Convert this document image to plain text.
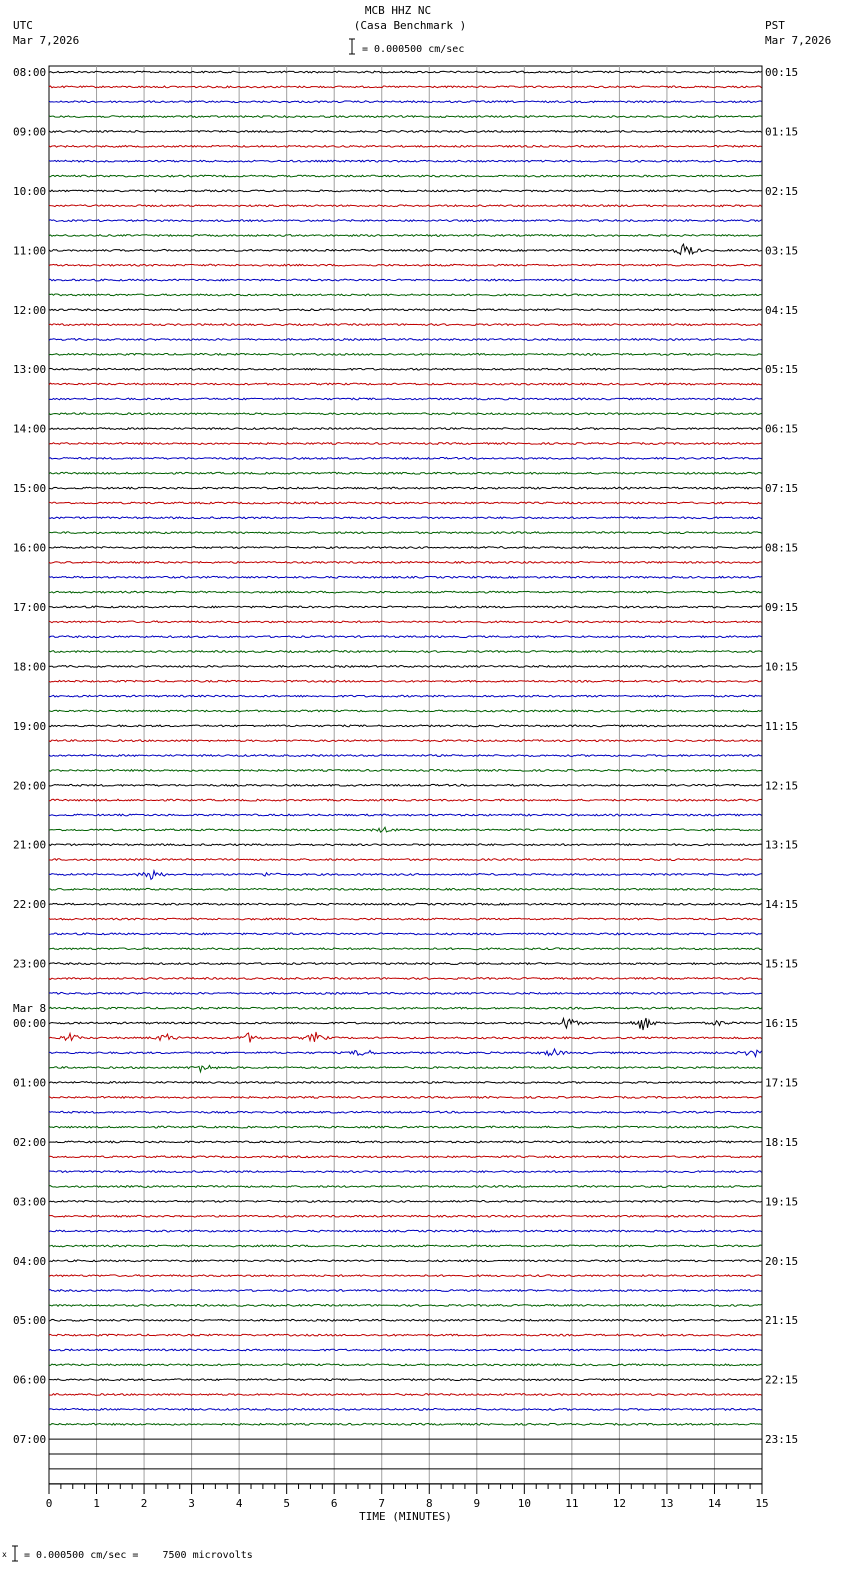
UTC
Mar 7,2026
MCB HHZ NC
(Casa Benchmark )
= 0.000500 cm/sec
PST
Mar 7,2026
08:00
09:00
10:00
11:00
12:00
13:00
14:00
15:00
16:00
17:00
18:00
19:00
20:00
21:00
22:00
23:00
00:00
01:00
02:00
03:00
04:00
05:00
06:00
07:00
Mar 8
00:15
01:15
02:15
03:15
04:15
05:15
06:15
07:15
08:15
09:15
10:15
11:15
12:15
13:15
14:15
15:15
16:15
17:15
18:15
19:15
20:15
21:15
22:15
23:15
0	1	2	3	4	5	6	7	8	9	10	11	12	13	14	15
TIME (MINUTES)
x = 0.000500 cm/sec =    7500 microvolts
